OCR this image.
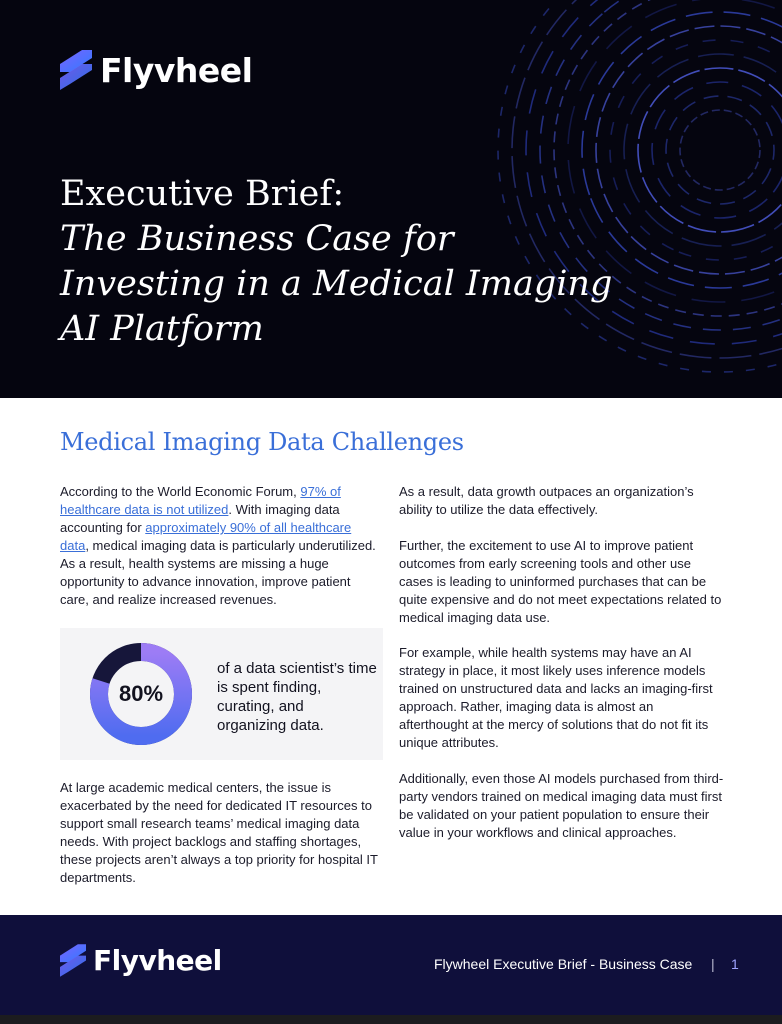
Flyvheel
Executive Brief:
The Business Case for
Investing in a Medical Imaging
AI Platform
Medical Imaging Data Challenges

According to the World Economic Forum, 97% of healthcare data is not utilized. With imaging data accounting for approximately 90% of all healthcare data, medical imaging data is particularly underutilized. As a result, health systems are missing a huge opportunity to advance innovation, improve patient care, and realize increased revenues.

80%

of a data scientist’s time is spent finding, curating, and organizing data.

At large academic medical centers, the issue is exacerbated by the need for dedicated IT resources to support small research teams’ medical imaging data needs. With project backlogs and staffing shortages, these projects aren’t always a top priority for hospital IT departments.

As a result, data growth outpaces an organization’s ability to utilize the data effectively.

Further, the excitement to use AI to improve patient outcomes from early screening tools and other use cases is leading to uninformed purchases that can be quite expensive and do not meet expectations related to medical imaging data use.

For example, while health systems may have an AI strategy in place, it most likely uses inference models trained on unstructured data and lacks an imaging-first approach. Rather, imaging data is almost an afterthought at the mercy of solutions that do not fit its unique attributes.

Additionally, even those AI models purchased from third-party vendors trained on medical imaging data must first be validated on your patient population to ensure their value in your workflows and clinical approaches.

Flyvheel	Flywheel Executive Brief - Business Case | 1
